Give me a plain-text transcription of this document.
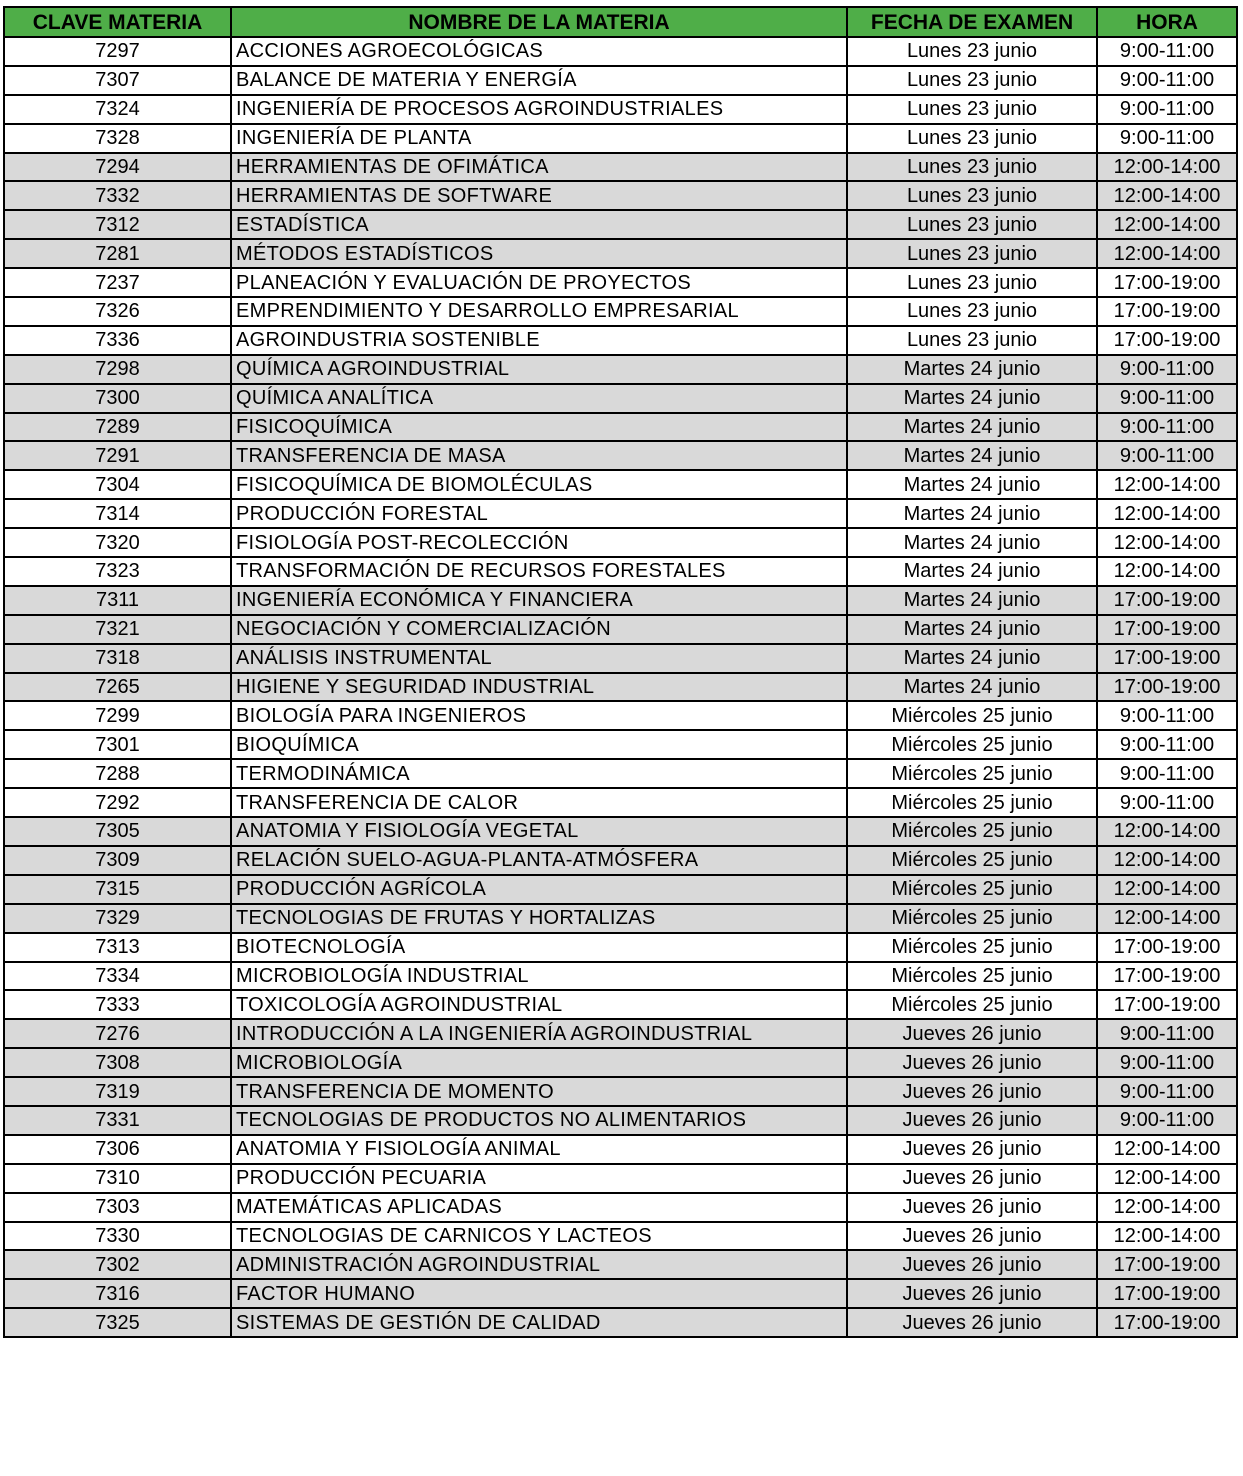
CLAVE MATERIA	NOMBRE DE LA MATERIA	FECHA DE EXAMEN	HORA
7297	ACCIONES AGROECOLÓGICAS	Lunes 23 junio	9:00-11:00
7307	BALANCE DE MATERIA Y ENERGÍA	Lunes 23 junio	9:00-11:00
7324	INGENIERÍA DE PROCESOS AGROINDUSTRIALES	Lunes 23 junio	9:00-11:00
7328	INGENIERÍA DE PLANTA	Lunes 23 junio	9:00-11:00
7294	HERRAMIENTAS DE OFIMÁTICA	Lunes 23 junio	12:00-14:00
7332	HERRAMIENTAS DE SOFTWARE	Lunes 23 junio	12:00-14:00
7312	ESTADÍSTICA	Lunes 23 junio	12:00-14:00
7281	MÉTODOS ESTADÍSTICOS	Lunes 23 junio	12:00-14:00
7237	PLANEACIÓN Y EVALUACIÓN DE PROYECTOS	Lunes 23 junio	17:00-19:00
7326	EMPRENDIMIENTO Y DESARROLLO EMPRESARIAL	Lunes 23 junio	17:00-19:00
7336	AGROINDUSTRIA SOSTENIBLE	Lunes 23 junio	17:00-19:00
7298	QUÍMICA AGROINDUSTRIAL	Martes 24 junio	9:00-11:00
7300	QUÍMICA ANALÍTICA	Martes 24 junio	9:00-11:00
7289	FISICOQUÍMICA	Martes 24 junio	9:00-11:00
7291	TRANSFERENCIA DE MASA	Martes 24 junio	9:00-11:00
7304	FISICOQUÍMICA DE BIOMOLÉCULAS	Martes 24 junio	12:00-14:00
7314	PRODUCCIÓN FORESTAL	Martes 24 junio	12:00-14:00
7320	FISIOLOGÍA POST-RECOLECCIÓN	Martes 24 junio	12:00-14:00
7323	TRANSFORMACIÓN DE RECURSOS FORESTALES	Martes 24 junio	12:00-14:00
7311	INGENIERÍA ECONÓMICA Y FINANCIERA	Martes 24 junio	17:00-19:00
7321	NEGOCIACIÓN Y COMERCIALIZACIÓN	Martes 24 junio	17:00-19:00
7318	ANÁLISIS INSTRUMENTAL	Martes 24 junio	17:00-19:00
7265	HIGIENE Y SEGURIDAD INDUSTRIAL	Martes 24 junio	17:00-19:00
7299	BIOLOGÍA PARA INGENIEROS	Miércoles 25 junio	9:00-11:00
7301	BIOQUÍMICA	Miércoles 25 junio	9:00-11:00
7288	TERMODINÁMICA	Miércoles 25 junio	9:00-11:00
7292	TRANSFERENCIA DE CALOR	Miércoles 25 junio	9:00-11:00
7305	ANATOMIA Y FISIOLOGÍA VEGETAL	Miércoles 25 junio	12:00-14:00
7309	RELACIÓN SUELO-AGUA-PLANTA-ATMÓSFERA	Miércoles 25 junio	12:00-14:00
7315	PRODUCCIÓN AGRÍCOLA	Miércoles 25 junio	12:00-14:00
7329	TECNOLOGIAS DE FRUTAS Y HORTALIZAS	Miércoles 25 junio	12:00-14:00
7313	BIOTECNOLOGÍA	Miércoles 25 junio	17:00-19:00
7334	MICROBIOLOGÍA INDUSTRIAL	Miércoles 25 junio	17:00-19:00
7333	TOXICOLOGÍA AGROINDUSTRIAL	Miércoles 25 junio	17:00-19:00
7276	INTRODUCCIÓN A LA INGENIERÍA AGROINDUSTRIAL	Jueves 26 junio	9:00-11:00
7308	MICROBIOLOGÍA	Jueves 26 junio	9:00-11:00
7319	TRANSFERENCIA DE MOMENTO	Jueves 26 junio	9:00-11:00
7331	TECNOLOGIAS DE PRODUCTOS NO ALIMENTARIOS	Jueves 26 junio	9:00-11:00
7306	ANATOMIA Y FISIOLOGÍA ANIMAL	Jueves 26 junio	12:00-14:00
7310	PRODUCCIÓN PECUARIA	Jueves 26 junio	12:00-14:00
7303	MATEMÁTICAS APLICADAS	Jueves 26 junio	12:00-14:00
7330	TECNOLOGIAS DE CARNICOS Y LACTEOS	Jueves 26 junio	12:00-14:00
7302	ADMINISTRACIÓN AGROINDUSTRIAL	Jueves 26 junio	17:00-19:00
7316	FACTOR HUMANO	Jueves 26 junio	17:00-19:00
7325	SISTEMAS DE GESTIÓN DE CALIDAD	Jueves 26 junio	17:00-19:00
